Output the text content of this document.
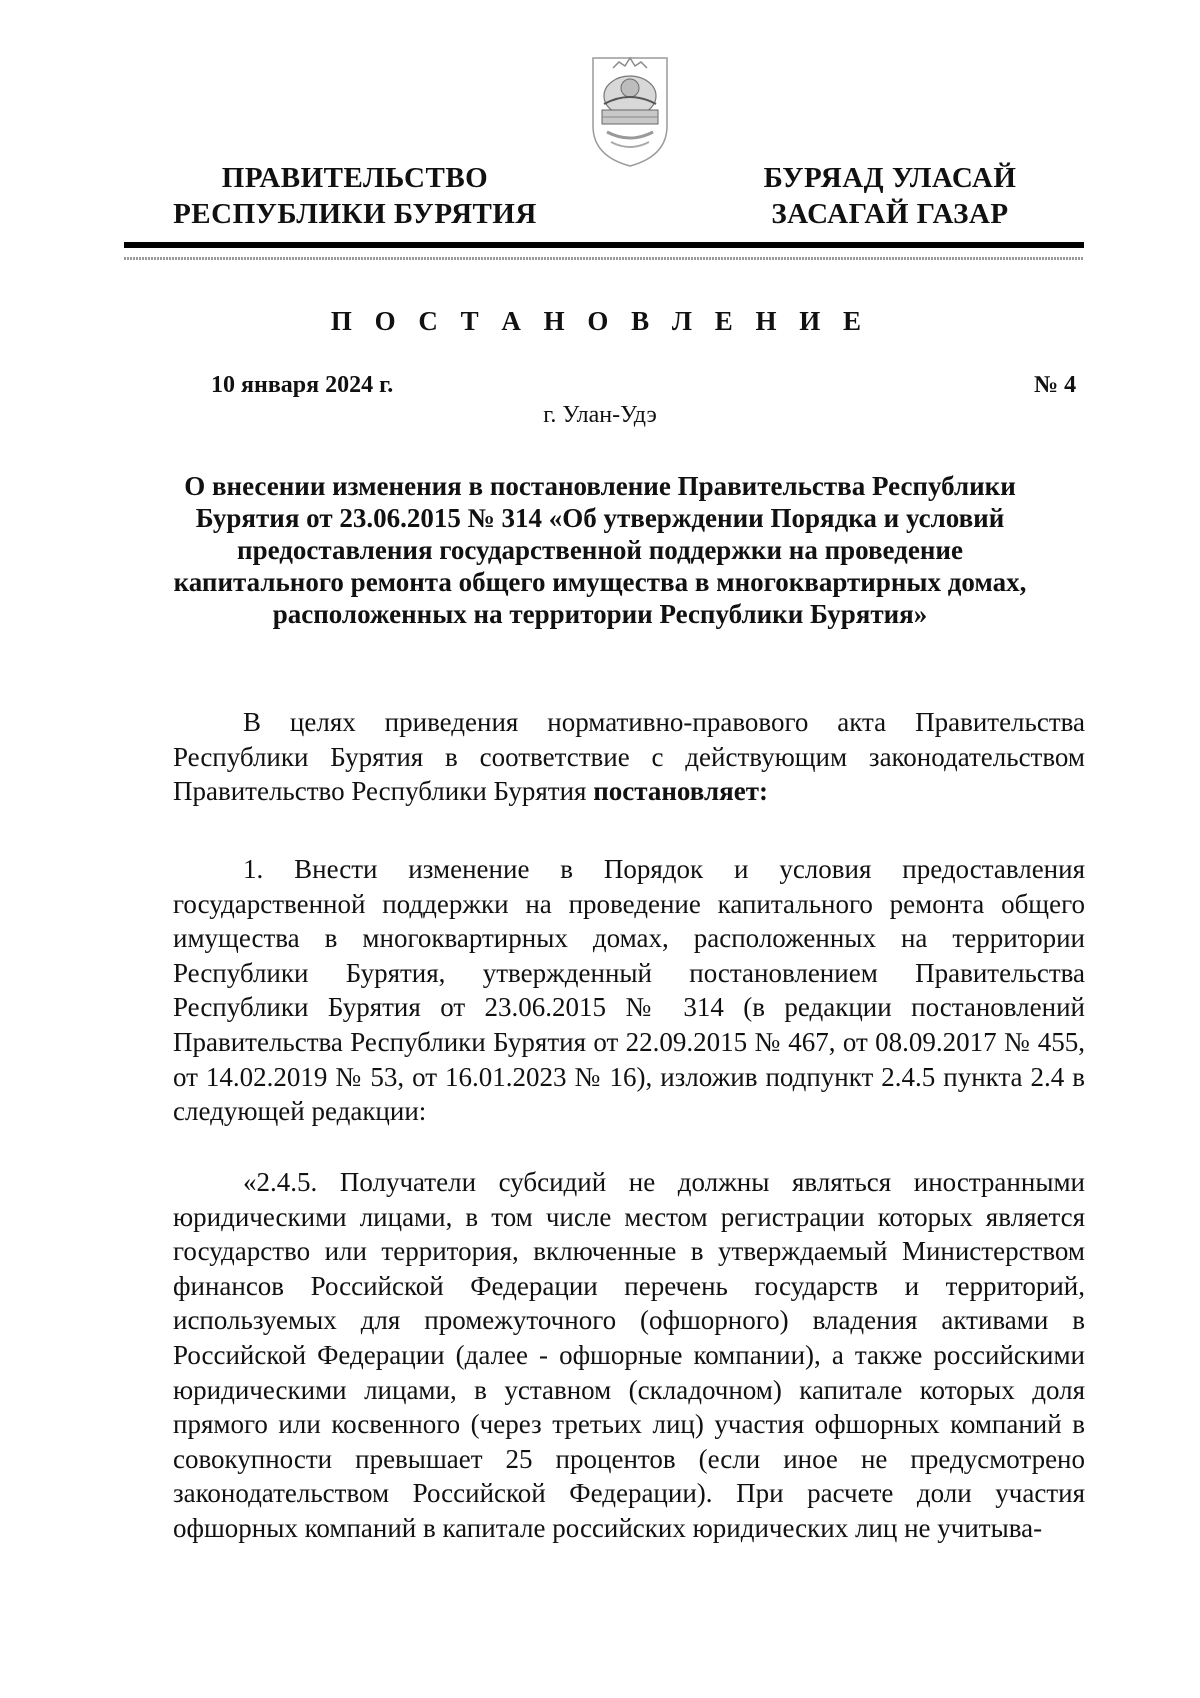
ПРАВИТЕЛЬСТВО
РЕСПУБЛИКИ БУРЯТИЯ
БУРЯАД УЛАСАЙ
ЗАСАГАЙ ГАЗАР
П О С Т А Н О В Л Е Н И Е
10 января 2024 г.	№ 4
г. Улан-Удэ
О внесении изменения в постановление Правительства Республики Бурятия от 23.06.2015 № 314 «Об утверждении Порядка и условий предоставления государственной поддержки на проведение капитального ремонта общего имущества в многоквартирных домах, расположенных на территории Республики Бурятия»
В целях приведения нормативно-правового акта Правительства Республики Бурятия в соответствие с действующим законодательством Правительство Республики Бурятия постановляет:
1. Внести изменение в Порядок и условия предоставления государственной поддержки на проведение капитального ремонта общего имущества в многоквартирных домах, расположенных на территории Республики Бурятия, утвержденный постановлением Правительства Республики Бурятия от 23.06.2015 № 314 (в редакции постановлений Правительства Республики Бурятия от 22.09.2015 № 467, от 08.09.2017 № 455, от 14.02.2019 № 53, от 16.01.2023 № 16), изложив подпункт 2.4.5 пункта 2.4 в следующей редакции:
«2.4.5. Получатели субсидий не должны являться иностранными юридическими лицами, в том числе местом регистрации которых является государство или территория, включенные в утверждаемый Министерством финансов Российской Федерации перечень государств и территорий, используемых для промежуточного (офшорного) владения активами в Российской Федерации (далее - офшорные компании), а также российскими юридическими лицами, в уставном (складочном) капитале которых доля прямого или косвенного (через третьих лиц) участия офшорных компаний в совокупности превышает 25 процентов (если иное не предусмотрено законодательством Российской Федерации). При расчете доли участия офшорных компаний в капитале российских юридических лиц не учитыва-
